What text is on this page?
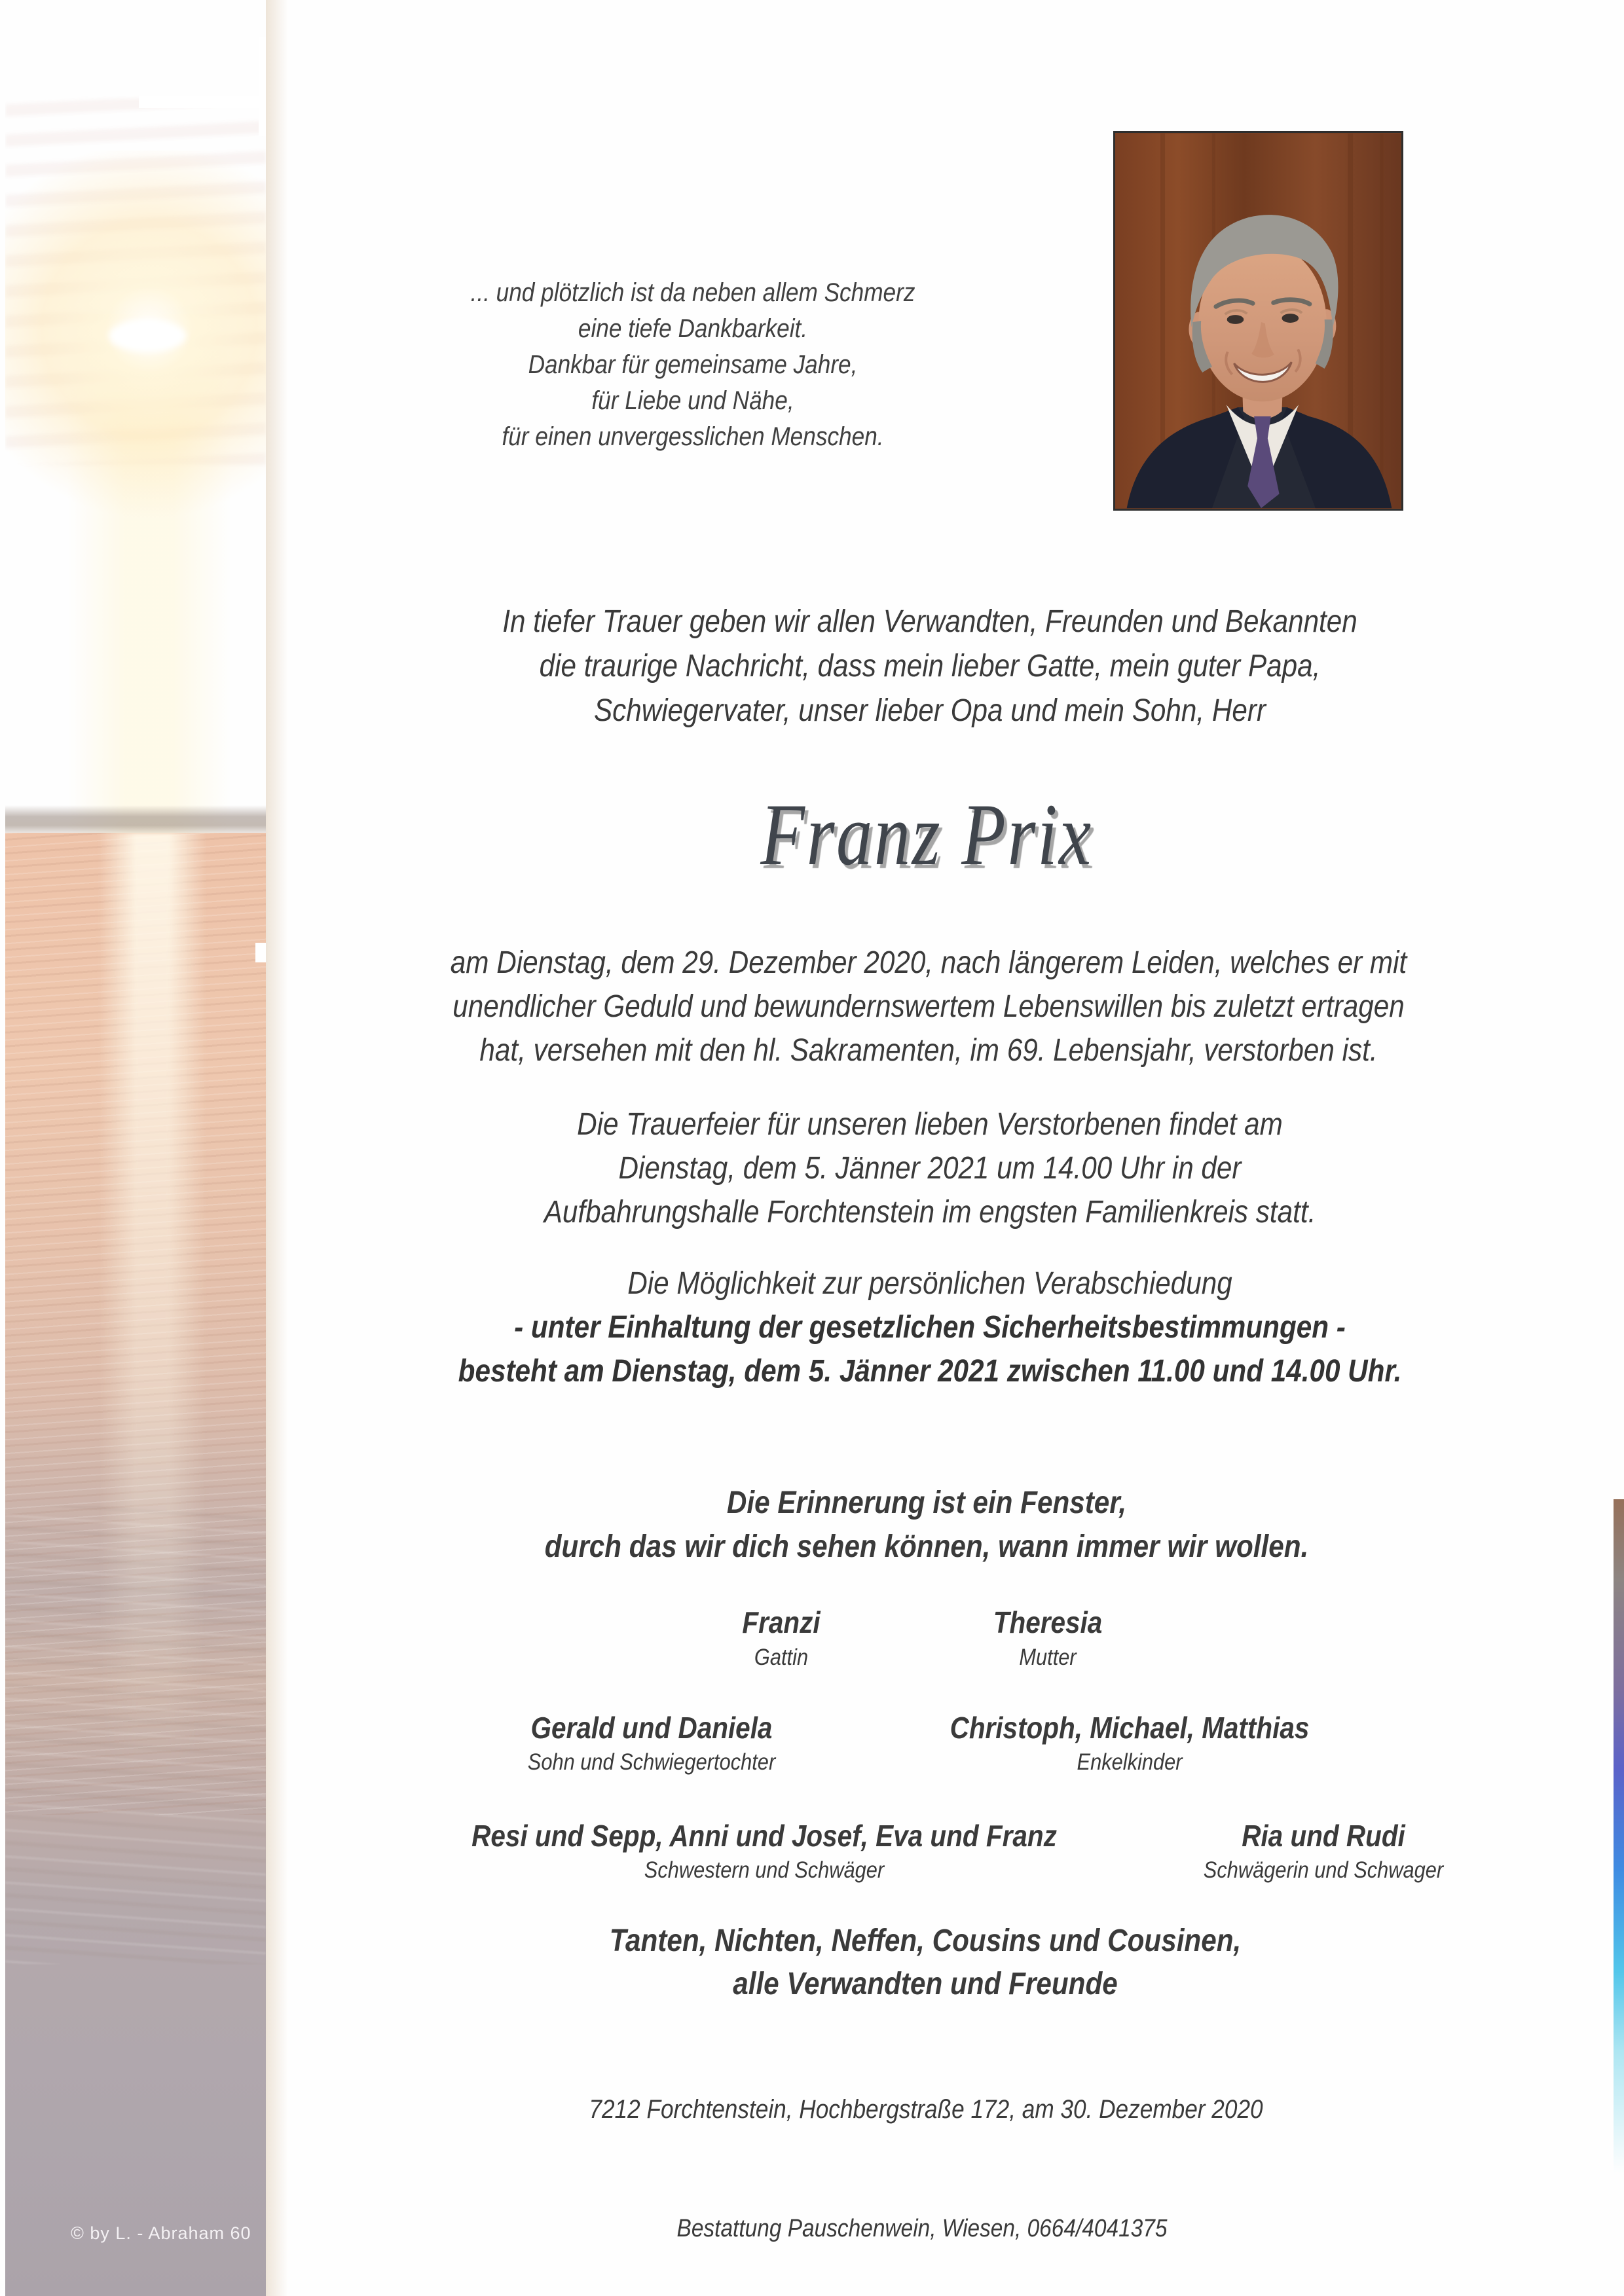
© by L. - Abraham 60
... und plötzlich ist da neben allem Schmerz
eine tiefe Dankbarkeit.
Dankbar für gemeinsame Jahre,
für Liebe und Nähe,
für einen unvergesslichen Menschen.
In tiefer Trauer geben wir allen Verwandten, Freunden und Bekannten
die traurige Nachricht, dass mein lieber Gatte, mein guter Papa,
Schwiegervater, unser lieber Opa und mein Sohn, Herr
Franz Prix
am Dienstag, dem 29. Dezember 2020, nach längerem Leiden, welches er mit
unendlicher Geduld und bewundernswertem Lebenswillen bis zuletzt ertragen
hat, versehen mit den hl. Sakramenten, im 69. Lebensjahr, verstorben ist.
Die Trauerfeier für unseren lieben Verstorbenen findet am
Dienstag, dem 5. Jänner 2021 um 14.00 Uhr in der
Aufbahrungshalle Forchtenstein im engsten Familienkreis statt.
Die Möglichkeit zur persönlichen Verabschiedung
- unter Einhaltung der gesetzlichen Sicherheitsbestimmungen -
besteht am Dienstag, dem 5. Jänner 2021 zwischen 11.00 und 14.00 Uhr.
Die Erinnerung ist ein Fenster,
durch das wir dich sehen können, wann immer wir wollen.
Franzi
Gattin
Theresia
Mutter
Gerald und Daniela
Sohn und Schwiegertochter
Christoph, Michael, Matthias
Enkelkinder
Resi und Sepp, Anni und Josef, Eva und Franz
Schwestern und Schwäger
Ria und Rudi
Schwägerin und Schwager
Tanten, Nichten, Neffen, Cousins und Cousinen,
alle Verwandten und Freunde
7212 Forchtenstein, Hochbergstraße 172, am 30. Dezember 2020
Bestattung Pauschenwein, Wiesen, 0664/4041375
